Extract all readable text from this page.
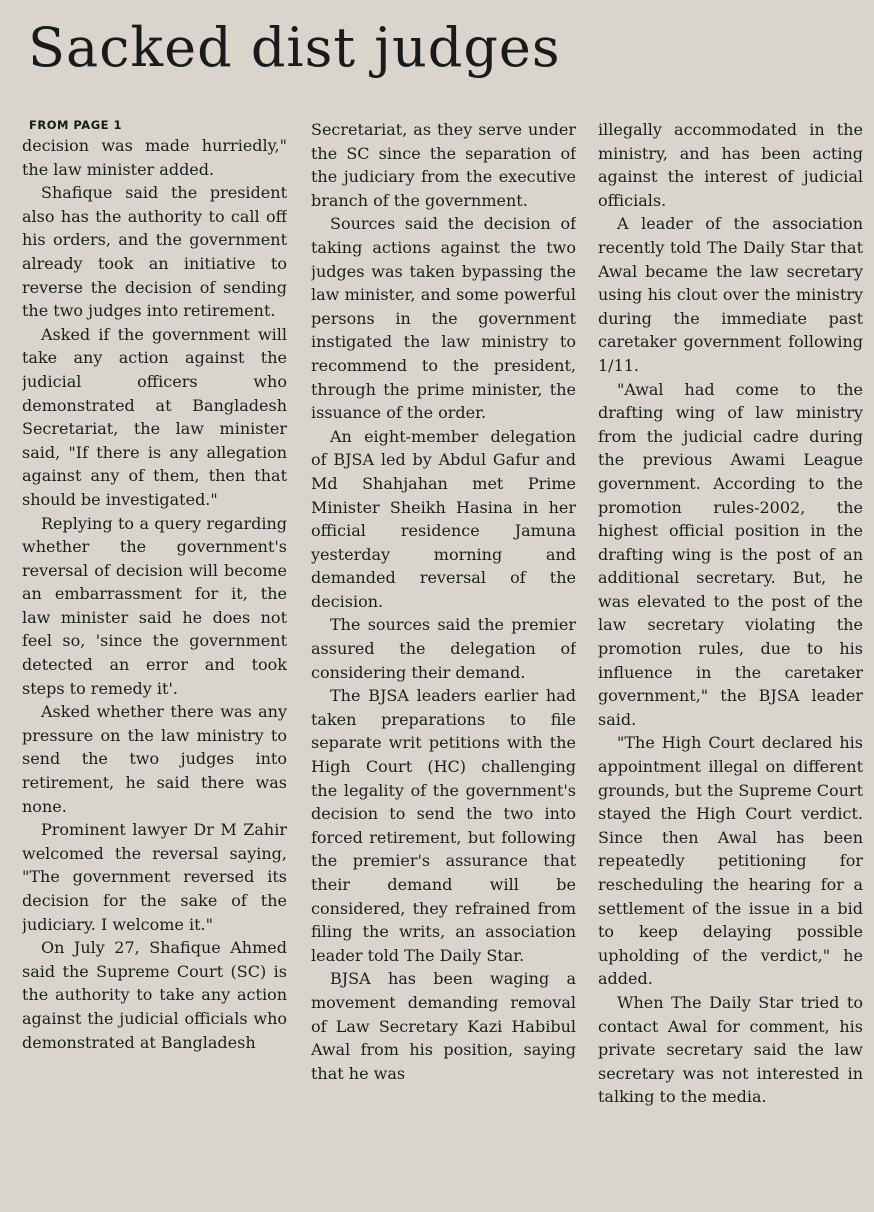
Sacked dist judges
FROM PAGE 1

decision was made hurriedly," the law minister added.

Shafique said the president also has the authority to call off his orders, and the government already took an initiative to reverse the decision of sending the two judges into retirement.

Asked if the government will take any action against the judicial officers who demonstrated at Bangladesh Secretariat, the law minister said, "If there is any allegation against any of them, then that should be investigated."

Replying to a query regarding whether the government's reversal of decision will become an embarrassment for it, the law minister said he does not feel so, 'since the government detected an error and took steps to remedy it'.

Asked whether there was any pressure on the law ministry to send the two judges into retirement, he said there was none.

Prominent lawyer Dr M Zahir welcomed the reversal saying, "The government reversed its decision for the sake of the judiciary. I welcome it."

On July 27, Shafique Ahmed said the Supreme Court (SC) is the authority to take any action against the judicial officials who demonstrated at Bangladesh

Secretariat, as they serve under the SC since the separation of the judiciary from the executive branch of the government.

Sources said the decision of taking actions against the two judges was taken bypassing the law minister, and some powerful persons in the government instigated the law ministry to recommend to the president, through the prime minister, the issuance of the order.

An eight-member delegation of BJSA led by Abdul Gafur and Md Shahjahan met Prime Minister Sheikh Hasina in her official residence Jamuna yesterday morning and demanded reversal of the decision.

The sources said the premier assured the delegation of considering their demand.

The BJSA leaders earlier had taken preparations to file separate writ petitions with the High Court (HC) challenging the legality of the government's decision to send the two into forced retirement, but following the premier's assurance that their demand will be considered, they refrained from filing the writs, an association leader told The Daily Star.

BJSA has been waging a movement demanding removal of Law Secretary Kazi Habibul Awal from his position, saying that he was

illegally accommodated in the ministry, and has been acting against the interest of judicial officials.

A leader of the association recently told The Daily Star that Awal became the law secretary using his clout over the ministry during the immediate past caretaker government following 1/11.

"Awal had come to the drafting wing of law ministry from the judicial cadre during the previous Awami League government. According to the promotion rules-2002, the highest official position in the drafting wing is the post of an additional secretary. But, he was elevated to the post of the law secretary violating the promotion rules, due to his influence in the caretaker government," the BJSA leader said.

"The High Court declared his appointment illegal on different grounds, but the Supreme Court stayed the High Court verdict. Since then Awal has been repeatedly petitioning for rescheduling the hearing for a settlement of the issue in a bid to keep delaying possible upholding of the verdict," he added.

When The Daily Star tried to contact Awal for comment, his private secretary said the law secretary was not interested in talking to the media.
